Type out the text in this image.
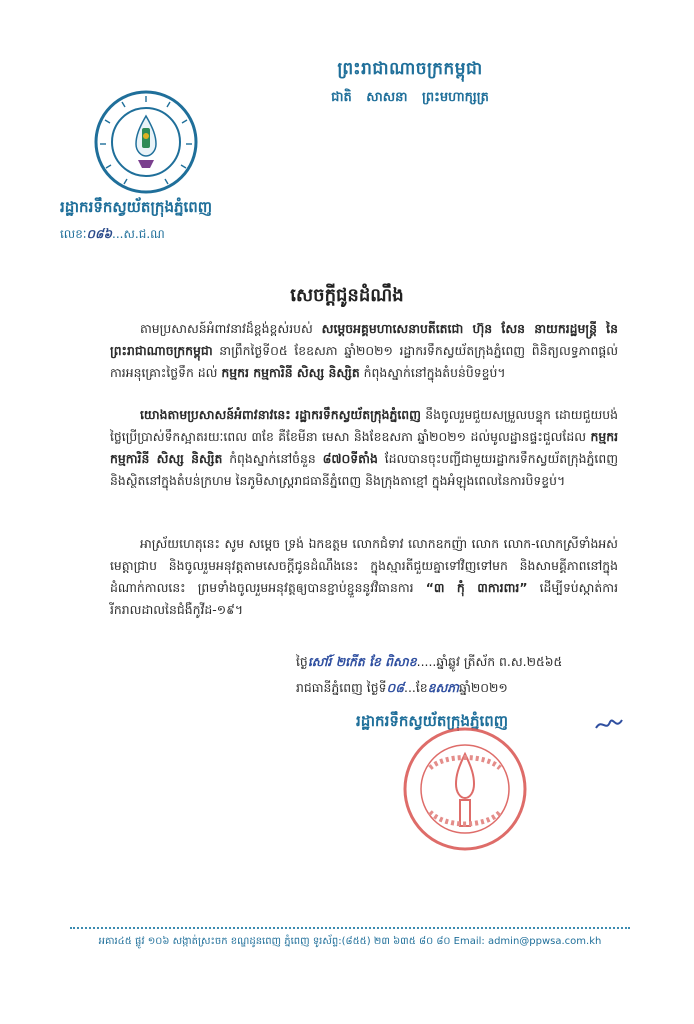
ព្រះរាជាណាចក្រកម្ពុជា
ជាតិ សាសនា ព្រះមហាក្សត្រ
រដ្ឋាករទឹកស្វយ័តក្រុងភ្នំពេញ
លេខៈ០៨៦...ស.ជ.ណ
សេចក្តីជូនដំណឹង
តាមប្រសាសន៍អំពាវនាវដ៏ខ្ពង់ខ្ពស់របស់ សម្តេចអគ្គមហាសេនាបតីតេជោ ហ៊ុន សែន នាយករដ្ឋមន្ត្រី នៃព្រះរាជាណាចក្រកម្ពុជា នាព្រឹកថ្ងៃទី០៥ ខែឧសភា ឆ្នាំ២០២១ រដ្ឋាករទឹកស្វយ័តក្រុងភ្នំពេញ ពិនិត្យលទ្ធភាពផ្តល់ការអនុគ្រោះថ្លៃទឹក ដល់ កម្មករ កម្មការិនី សិស្ស និស្សិត កំពុងស្នាក់នៅក្នុងតំបន់បិទខ្ទប់។
យោងតាមប្រសាសន៍អំពាវនាវនេះ រដ្ឋាករទឹកស្វយ័តក្រុងភ្នំពេញ នឹងចូលរួមជួយសម្រួលបន្ទុក ដោយជួយបង់ថ្លៃប្រើប្រាស់ទឹកស្អាតរយៈពេល ៣ខែ គឺខែមីនា មេសា និងខែឧសភា ឆ្នាំ២០២១ ដល់មូលដ្ឋានផ្ទះជួលដែល កម្មករ កម្មការិនី សិស្ស និស្សិត កំពុងស្នាក់នៅចំនួន ៨៧០ទីតាំង ដែលបានចុះបញ្ជីជាមួយរដ្ឋាករទឹកស្វយ័តក្រុងភ្នំពេញ និងស្ថិតនៅក្នុងតំបន់ក្រហម នៃភូមិសាស្ត្ររាជធានីភ្នំពេញ និងក្រុងតាខ្មៅ ក្នុងអំឡុងពេលនៃការបិទខ្ទប់។
អាស្រ័យហេតុនេះ សូម សម្តេច ទ្រង់ ឯកឧត្តម លោកជំទាវ លោកឧកញ៉ា លោក លោក-លោកស្រីទាំងអស់ មេត្តាជ្រាប និងចូលរួមអនុវត្តតាមសេចក្តីជូនដំណឹងនេះ ក្នុងស្មារតីជួយគ្នាទៅវិញទៅមក និងសាមគ្គីភាពនៅក្នុងដំណាក់កាលនេះ ព្រមទាំងចូលរួមអនុវត្តឲ្យបានខ្ជាប់ខ្ជួននូវវិធានការ “៣ កុំ ៣ការពារ” ដើម្បីទប់ស្កាត់ការរីករាលដាលនៃជំងឺកូវីដ-១៩។
ថ្ងៃសៅរ៍ ២កើត ខែ ពិសាខ.....ឆ្នាំឆ្លូវ ត្រីស័ក ព.ស.២៥៦៥
រាជធានីភ្នំពេញ ថ្ងៃទី០៨...ខែឧសភាឆ្នាំ២០២១
រដ្ឋាករទឹកស្វយ័តក្រុងភ្នំពេញ
អគារ៤៥ ផ្លូវ ១០៦ សង្កាត់ស្រះចក ខណ្ឌដូនពេញ ភ្នំពេញ ទូរស័ព្ទ:(៨៥៥) ២៣ ៦៣៥ ៨០ ៨០ Email: admin@ppwsa.com.kh
